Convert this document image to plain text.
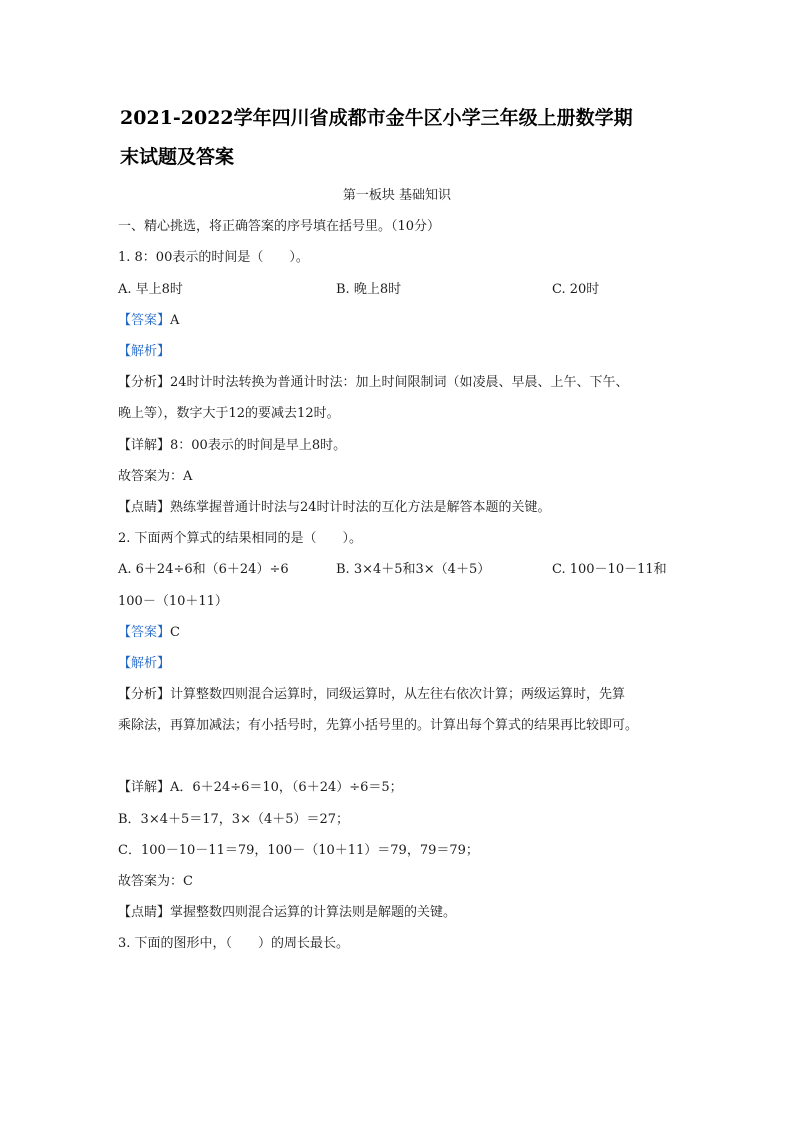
2021-2022学年四川省成都市金牛区小学三年级上册数学期
末试题及答案
第一板块 基础知识
一、精心挑选，将正确答案的序号填在括号里。（10分）
1. 8：00表示的时间是（　　）。
A. 早上8时	B. 晚上8时	C. 20时
【答案】A
【解析】
【分析】24时计时法转换为普通计时法：加上时间限制词（如凌晨、早晨、上午、下午、
晚上等），数字大于12的要减去12时。
【详解】8：00表示的时间是早上8时。
故答案为：A
【点睛】熟练掌握普通计时法与24时计时法的互化方法是解答本题的关键。
2. 下面两个算式的结果相同的是（　　）。
A. 6＋24÷6和（6＋24）÷6	B. 3×4＋5和3×（4＋5）	C. 100－10－11和
100－（10＋11）
【答案】C
【解析】
【分析】计算整数四则混合运算时，同级运算时，从左往右依次计算；两级运算时，先算
乘除法，再算加减法；有小括号时，先算小括号里的。计算出每个算式的结果再比较即可。
【详解】A．6＋24÷6＝10，（6＋24）÷6＝5；
B．3×4＋5＝17，3×（4＋5）＝27；
C．100－10－11＝79，100－（10＋11）＝79，79＝79；
故答案为：C
【点睛】掌握整数四则混合运算的计算法则是解题的关键。
3. 下面的图形中，（　　）的周长最长。
